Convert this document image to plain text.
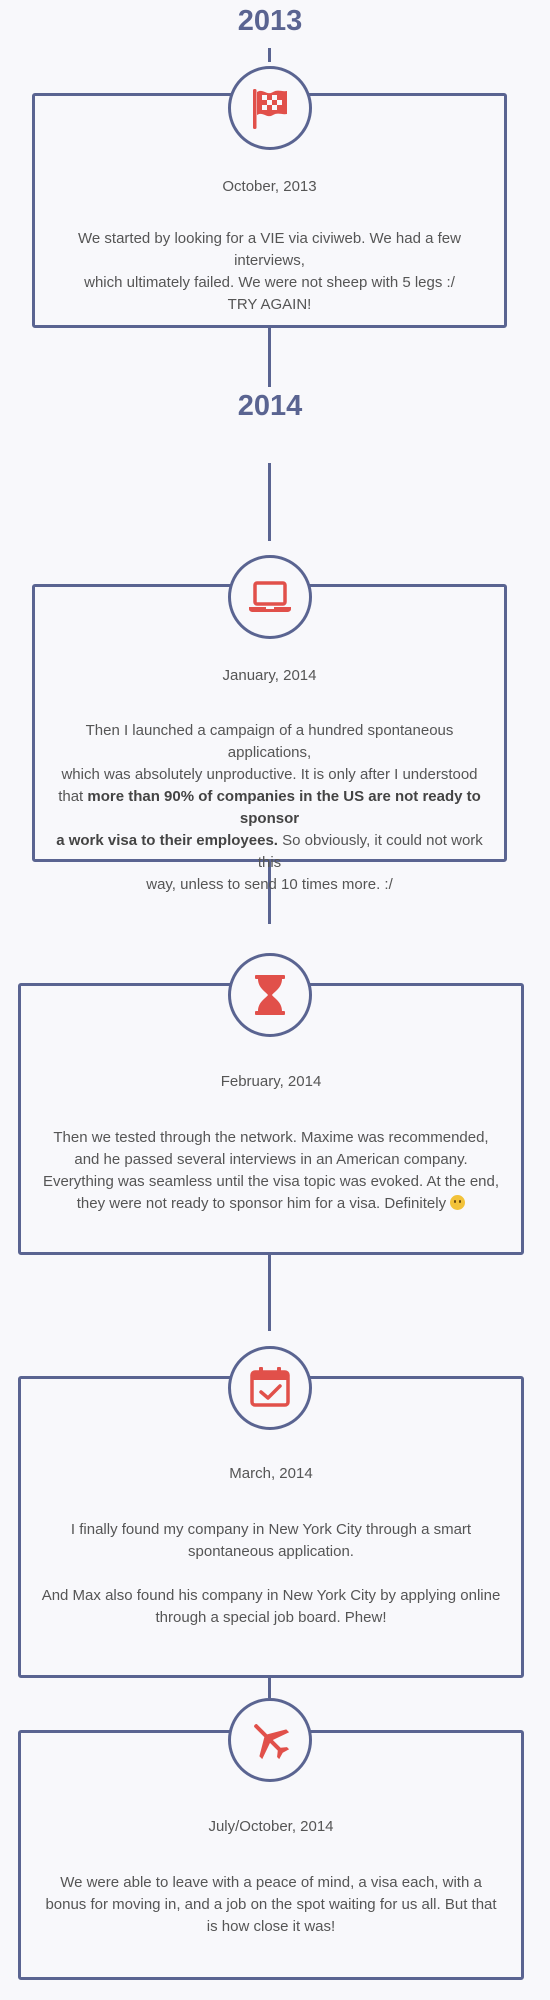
2013
2014
October, 2013

We started by looking for a VIE via civiweb. We had a few interviews,
which ultimately failed. We were not sheep with 5 legs :/
TRY AGAIN!

January, 2014

Then I launched a campaign of a hundred spontaneous applications,
which was absolutely unproductive. It is only after I understood
that more than 90% of companies in the US are not ready to sponsor
a work visa to their employees. So obviously, it could not work this
way, unless to send 10 times more. :/

February, 2014

Then we tested through the network. Maxime was recommended,
and he passed several interviews in an American company.
Everything was seamless until the visa topic was evoked. At the end,
they were not ready to sponsor him for a visa. Definitely

March, 2014

I finally found my company in New York City through a smart
spontaneous application.

And Max also found his company in New York City by applying online
through a special job board. Phew!

July/October, 2014

We were able to leave with a peace of mind, a visa each, with a
bonus for moving in, and a job on the spot waiting for us all. But that
is how close it was!
